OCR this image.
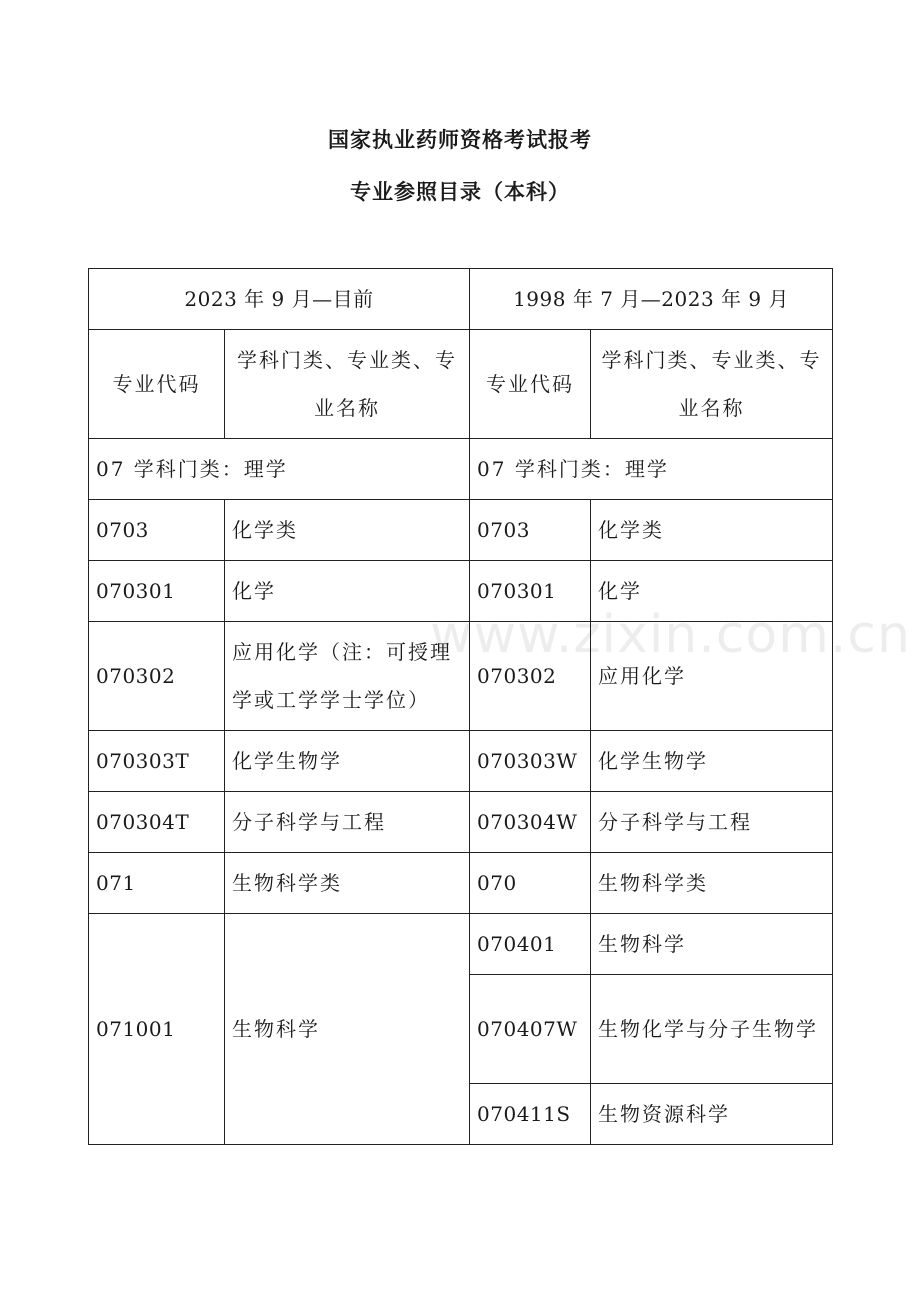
国家执业药师资格考试报考
专业参照目录（本科）
www.zixin.com.cn
2023 年 9 月—目前		1998 年 7 月—2023 年 9 月	
专业代码	学科门类、专业类、专业名称	专业代码	学科门类、专业类、专业名称
07 学科门类：理学		07 学科门类：理学	
0703	化学类	0703	化学类
070301	化学	070301	化学
070302	应用化学（注：可授理学或工学学士学位）	070302	应用化学
070303T	化学生物学	070303W	化学生物学
070304T	分子科学与工程	070304W	分子科学与工程
071	生物科学类	070	生物科学类
071001	生物科学	070401	生物科学
		070407W	生物化学与分子生物学
		070411S	生物资源科学
